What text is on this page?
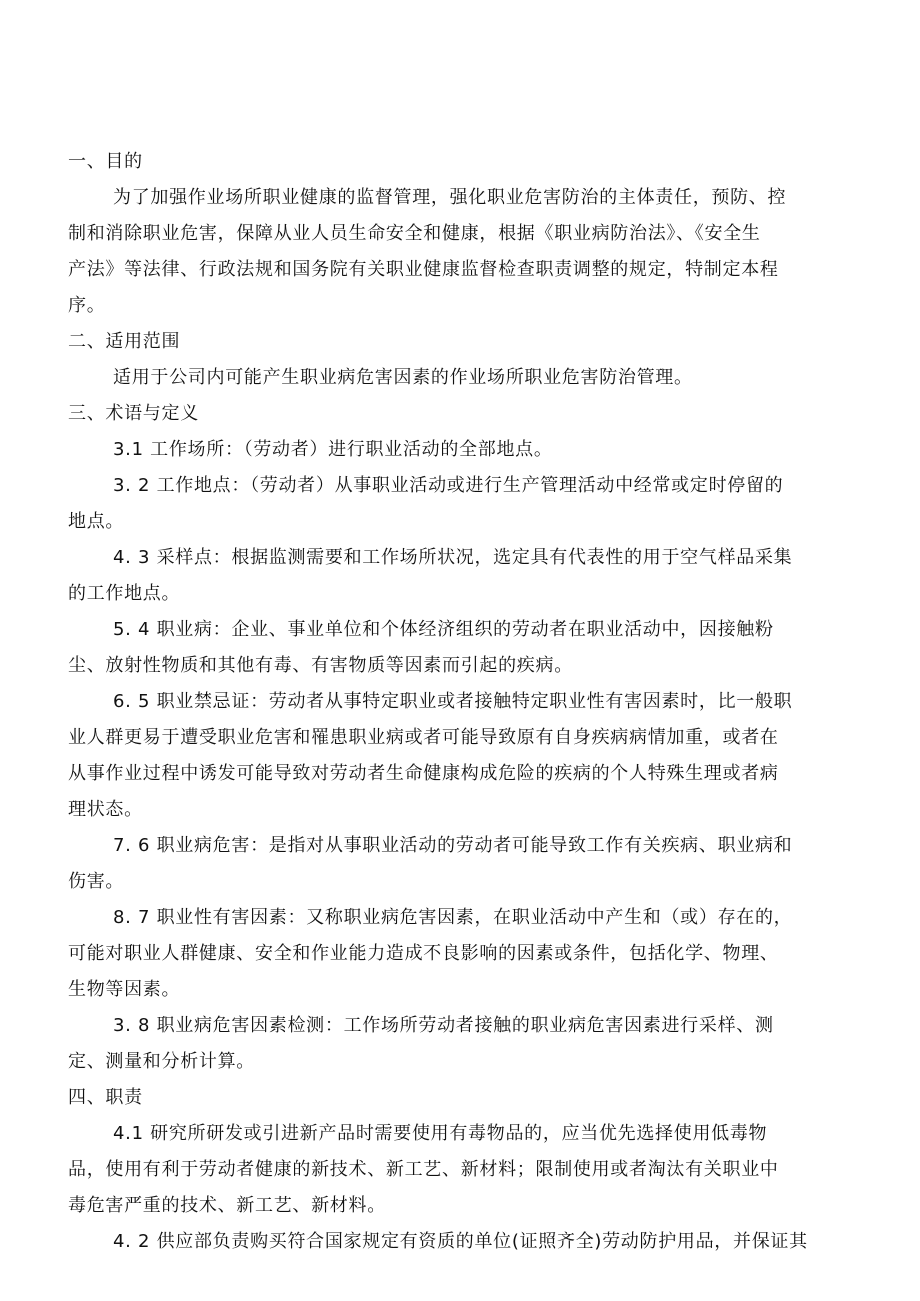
一、目的
为了加强作业场所职业健康的监督管理，强化职业危害防治的主体责任，预防、控
制和消除职业危害，保障从业人员生命安全和健康，根据《职业病防治法》、《安全生
产法》等法律、行政法规和国务院有关职业健康监督检查职责调整的规定，特制定本程
序。
二、适用范围
适用于公司内可能产生职业病危害因素的作业场所职业危害防治管理。
三、术语与定义
3.1 工作场所：（劳动者）进行职业活动的全部地点。
3. 2 工作地点：（劳动者）从事职业活动或进行生产管理活动中经常或定时停留的
地点。
4. 3 采样点：根据监测需要和工作场所状况，选定具有代表性的用于空气样品采集
的工作地点。
5. 4 职业病：企业、事业单位和个体经济组织的劳动者在职业活动中，因接触粉
尘、放射性物质和其他有毒、有害物质等因素而引起的疾病。
6. 5 职业禁忌证：劳动者从事特定职业或者接触特定职业性有害因素时，比一般职
业人群更易于遭受职业危害和罹患职业病或者可能导致原有自身疾病病情加重，或者在
从事作业过程中诱发可能导致对劳动者生命健康构成危险的疾病的个人特殊生理或者病
理状态。
7. 6 职业病危害：是指对从事职业活动的劳动者可能导致工作有关疾病、职业病和
伤害。
8. 7 职业性有害因素：又称职业病危害因素，在职业活动中产生和（或）存在的，
可能对职业人群健康、安全和作业能力造成不良影响的因素或条件，包括化学、物理、
生物等因素。
3. 8 职业病危害因素检测：工作场所劳动者接触的职业病危害因素进行采样、测
定、测量和分析计算。
四、职责
4.1 研究所研发或引进新产品时需要使用有毒物品的，应当优先选择使用低毒物
品，使用有利于劳动者健康的新技术、新工艺、新材料；限制使用或者淘汰有关职业中
毒危害严重的技术、新工艺、新材料。
4. 2 供应部负责购买符合国家规定有资质的单位(证照齐全)劳动防护用品，并保证其
